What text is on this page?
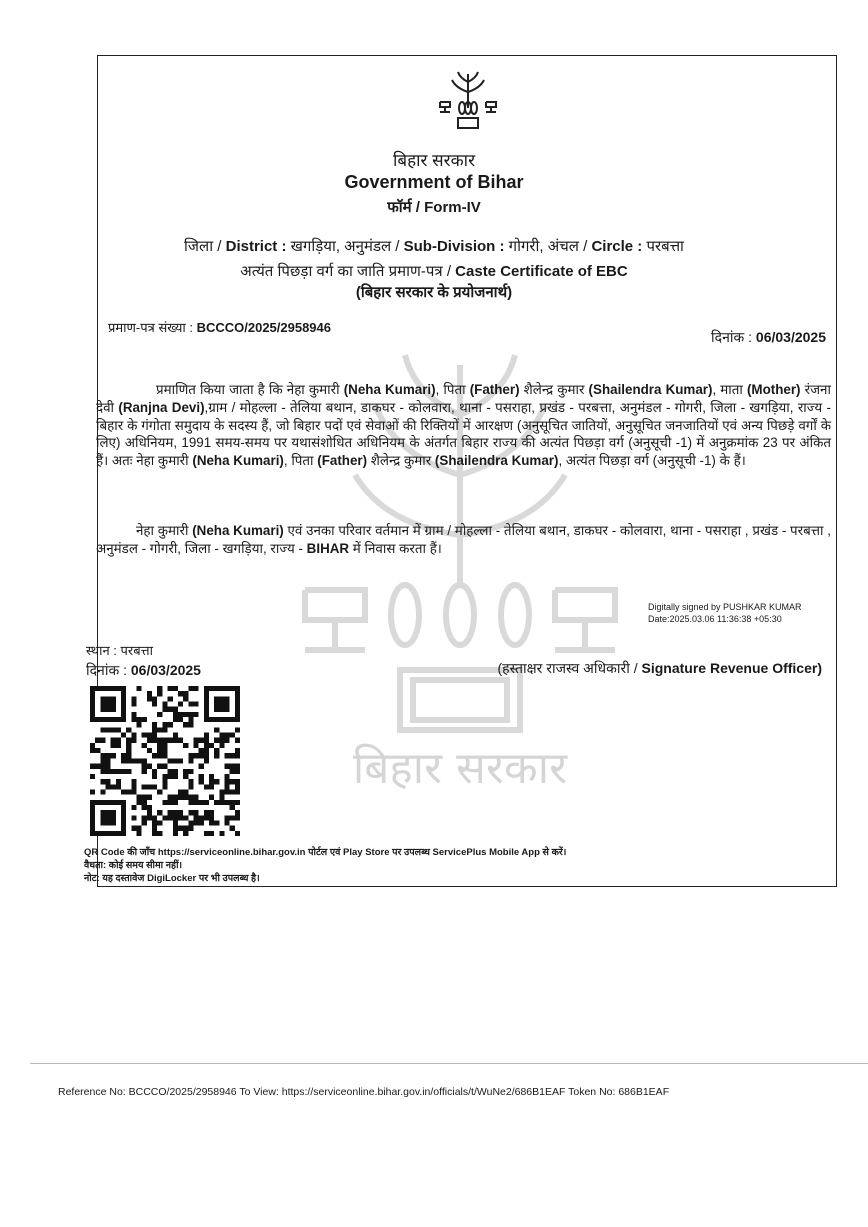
बिहार सरकार
बिहार सरकार
Government of Bihar
फॉर्म / Form-IV
जिला / District : खगड़िया, अनुमंडल / Sub-Division : गोगरी, अंचल / Circle : परबत्ता
अत्यंत पिछड़ा वर्ग का जाति प्रमाण-पत्र / Caste Certificate of EBC
(बिहार सरकार के प्रयोजनार्थ)
प्रमाण-पत्र संख्या : BCCCO/2025/2958946
दिनांक : 06/03/2025
प्रमाणित किया जाता है कि नेहा कुमारी (Neha Kumari), पिता (Father) शैलेन्द्र कुमार (Shailendra Kumar), माता (Mother) रंजना देवी (Ranjna Devi),ग्राम / मोहल्ला - तेलिया बथान, डाकघर - कोलवारा, थाना - पसराहा, प्रखंड - परबत्ता, अनुमंडल - गोगरी, जिला - खगड़िया, राज्य - बिहार के गंगोता समुदाय के सदस्य हैं, जो बिहार पदों एवं सेवाओं की रिक्तियों में आरक्षण (अनुसूचित जातियों, अनुसूचित जनजातियों एवं अन्य पिछड़े वर्गों के लिए) अधिनियम, 1991 समय-समय पर यथासंशोधित अधिनियम के अंतर्गत बिहार राज्य की अत्यंत पिछड़ा वर्ग (अनुसूची -1) में अनुक्रमांक 23 पर अंकित हैं। अतः नेहा कुमारी (Neha Kumari), पिता (Father) शैलेन्द्र कुमार (Shailendra Kumar), अत्यंत पिछड़ा वर्ग (अनुसूची -1) के हैं।
नेहा कुमारी (Neha Kumari) एवं उनका परिवार वर्तमान में ग्राम / मोहल्ला - तेलिया बथान, डाकघर - कोलवारा, थाना - पसराहा , प्रखंड - परबत्ता , अनुमंडल - गोगरी, जिला - खगड़िया, राज्य - BIHAR में निवास करता हैं।
Digitally signed by PUSHKAR KUMAR
Date:2025.03.06 11:36:38 +05:30
स्थान : परबत्ता
दिनांक : 06/03/2025	(हस्ताक्षर राजस्व अधिकारी / Signature Revenue Officer)
QR Code की जाँच https://serviceonline.bihar.gov.in पोर्टल एवं Play Store पर उपलब्ध ServicePlus Mobile App से करें।
वैधता: कोई समय सीमा नहीं।
नोट: यह दस्तावेज DigiLocker पर भी उपलब्ध है।
Reference No: BCCCO/2025/2958946 To View: https://serviceonline.bihar.gov.in/officials/t/WuNe2/686B1EAF Token No: 686B1EAF
